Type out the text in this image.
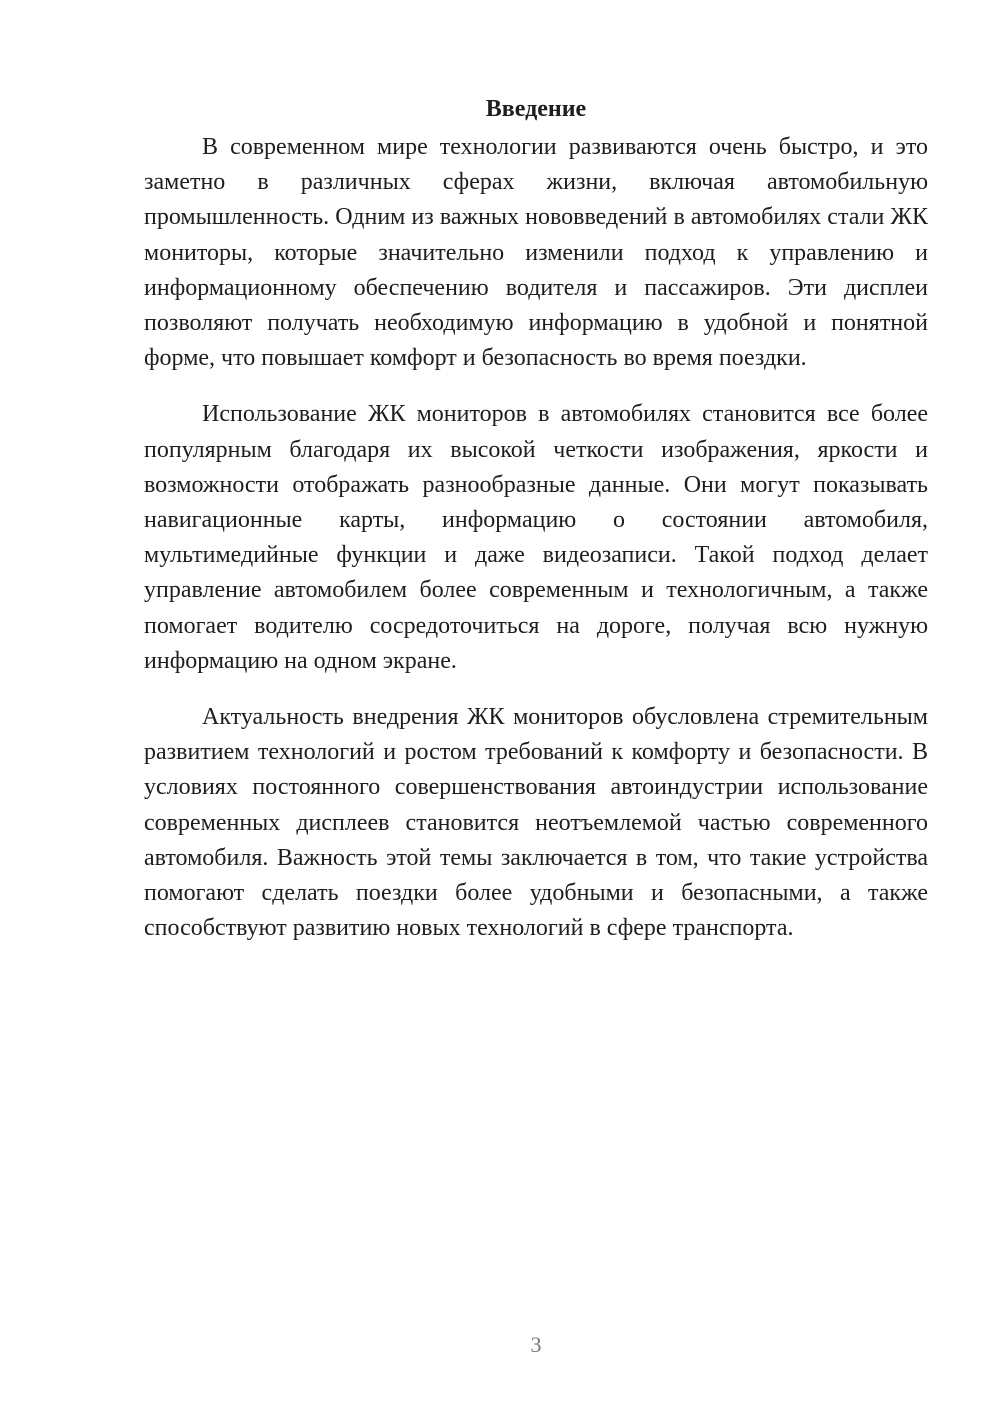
Введение

В современном мире технологии развиваются очень быстро, и это заметно в различных сферах жизни, включая автомобильную промышленность. Одним из важных нововведений в автомобилях стали ЖК мониторы, которые значительно изменили подход к управлению и информационному обеспечению водителя и пассажиров. Эти дисплеи позволяют получать необходимую информацию в удобной и понятной форме, что повышает комфорт и безопасность во время поездки.

Использование ЖК мониторов в автомобилях становится все более популярным благодаря их высокой четкости изображения, яркости и возможности отображать разнообразные данные. Они могут показывать навигационные карты, информацию о состоянии автомобиля, мультимедийные функции и даже видеозаписи. Такой подход делает управление автомобилем более современным и технологичным, а также помогает водителю сосредоточиться на дороге, получая всю нужную информацию на одном экране.

Актуальность внедрения ЖК мониторов обусловлена стремительным развитием технологий и ростом требований к комфорту и безопасности. В условиях постоянного совершенствования автоиндустрии использование современных дисплеев становится неотъемлемой частью современного автомобиля. Важность этой темы заключается в том, что такие устройства помогают сделать поездки более удобными и безопасными, а также способствуют развитию новых технологий в сфере транспорта.

3
